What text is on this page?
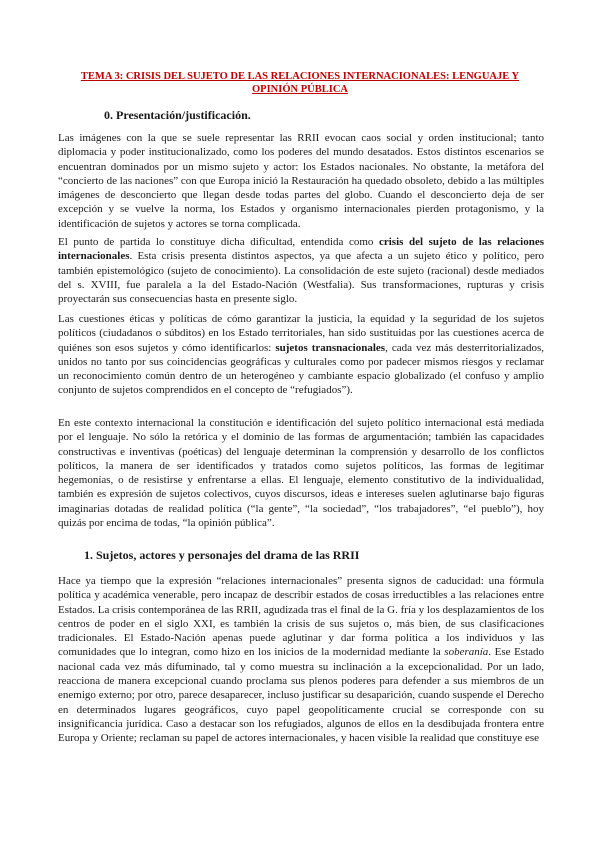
TEMA 3: CRISIS DEL SUJETO DE LAS RELACIONES INTERNACIONALES: LENGUAJE Y OPINIÓN PÚBLICA
0. Presentación/justificación.
Las imágenes con la que se suele representar las RRII evocan caos social y orden institucional; tanto diplomacia y poder institucionalizado, como los poderes del mundo desatados. Estos distintos escenarios se encuentran dominados por un mismo sujeto y actor: los Estados nacionales. No obstante, la metáfora del “concierto de las naciones” con que Europa inició la Restauración ha quedado obsoleto, debido a las múltiples imágenes de desconcierto que llegan desde todas partes del globo. Cuando el desconcierto deja de ser excepción y se vuelve la norma, los Estados y organismo internacionales pierden protagonismo, y la identificación de sujetos y actores se torna complicada.
El punto de partida lo constituye dicha dificultad, entendida como crisis del sujeto de las relaciones internacionales. Esta crisis presenta distintos aspectos, ya que afecta a un sujeto ético y político, pero también epistemológico (sujeto de conocimiento). La consolidación de este sujeto (racional) desde mediados del s. XVIII, fue paralela a la del Estado-Nación (Westfalia). Sus transformaciones, rupturas y crisis proyectarán sus consecuencias hasta en presente siglo.
Las cuestiones éticas y políticas de cómo garantizar la justicia, la equidad y la seguridad de los sujetos políticos (ciudadanos o súbditos) en los Estado territoriales, han sido sustituidas por las cuestiones acerca de quiénes son esos sujetos y cómo identificarlos: sujetos transnacionales, cada vez más desterritorializados, unidos no tanto por sus coincidencias geográficas y culturales como por padecer mismos riesgos y reclamar un reconocimiento común dentro de un heterogéneo y cambiante espacio globalizado (el confuso y amplio conjunto de sujetos comprendidos en el concepto de “refugiados”).
En este contexto internacional la constitución e identificación del sujeto político internacional está mediada por el lenguaje. No sólo la retórica y el dominio de las formas de argumentación; también las capacidades constructivas e inventivas (poéticas) del lenguaje determinan la comprensión y desarrollo de los conflictos políticos, la manera de ser identificados y tratados como sujetos políticos, las formas de legitimar hegemonías, o de resistirse y enfrentarse a ellas. El lenguaje, elemento constitutivo de la individualidad, también es expresión de sujetos colectivos, cuyos discursos, ideas e intereses suelen aglutinarse bajo figuras imaginarias dotadas de realidad política (“la gente”, “la sociedad”, “los trabajadores”, “el pueblo”), hoy quizás por encima de todas, “la opinión pública”.
1. Sujetos, actores y personajes del drama de las RRII
Hace ya tiempo que la expresión “relaciones internacionales” presenta signos de caducidad: una fórmula política y académica venerable, pero incapaz de describir estados de cosas irreductibles a las relaciones entre Estados. La crisis contemporánea de las RRII, agudizada tras el final de la G. fría y los desplazamientos de los centros de poder en el siglo XXI, es también la crisis de sus sujetos o, más bien, de sus clasificaciones tradicionales. El Estado-Nación apenas puede aglutinar y dar forma política a los individuos y las comunidades que lo integran, como hizo en los inicios de la modernidad mediante la soberanía. Ese Estado nacional cada vez más difuminado, tal y como muestra su inclinación a la excepcionalidad. Por un lado, reacciona de manera excepcional cuando proclama sus plenos poderes para defender a sus miembros de un enemigo externo; por otro, parece desaparecer, incluso justificar su desaparición, cuando suspende el Derecho en determinados lugares geográficos, cuyo papel geopolíticamente crucial se corresponde con su insignificancia jurídica. Caso a destacar son los refugiados, algunos de ellos en la desdibujada frontera entre Europa y Oriente; reclaman su papel de actores internacionales, y hacen visible la realidad que constituye ese
